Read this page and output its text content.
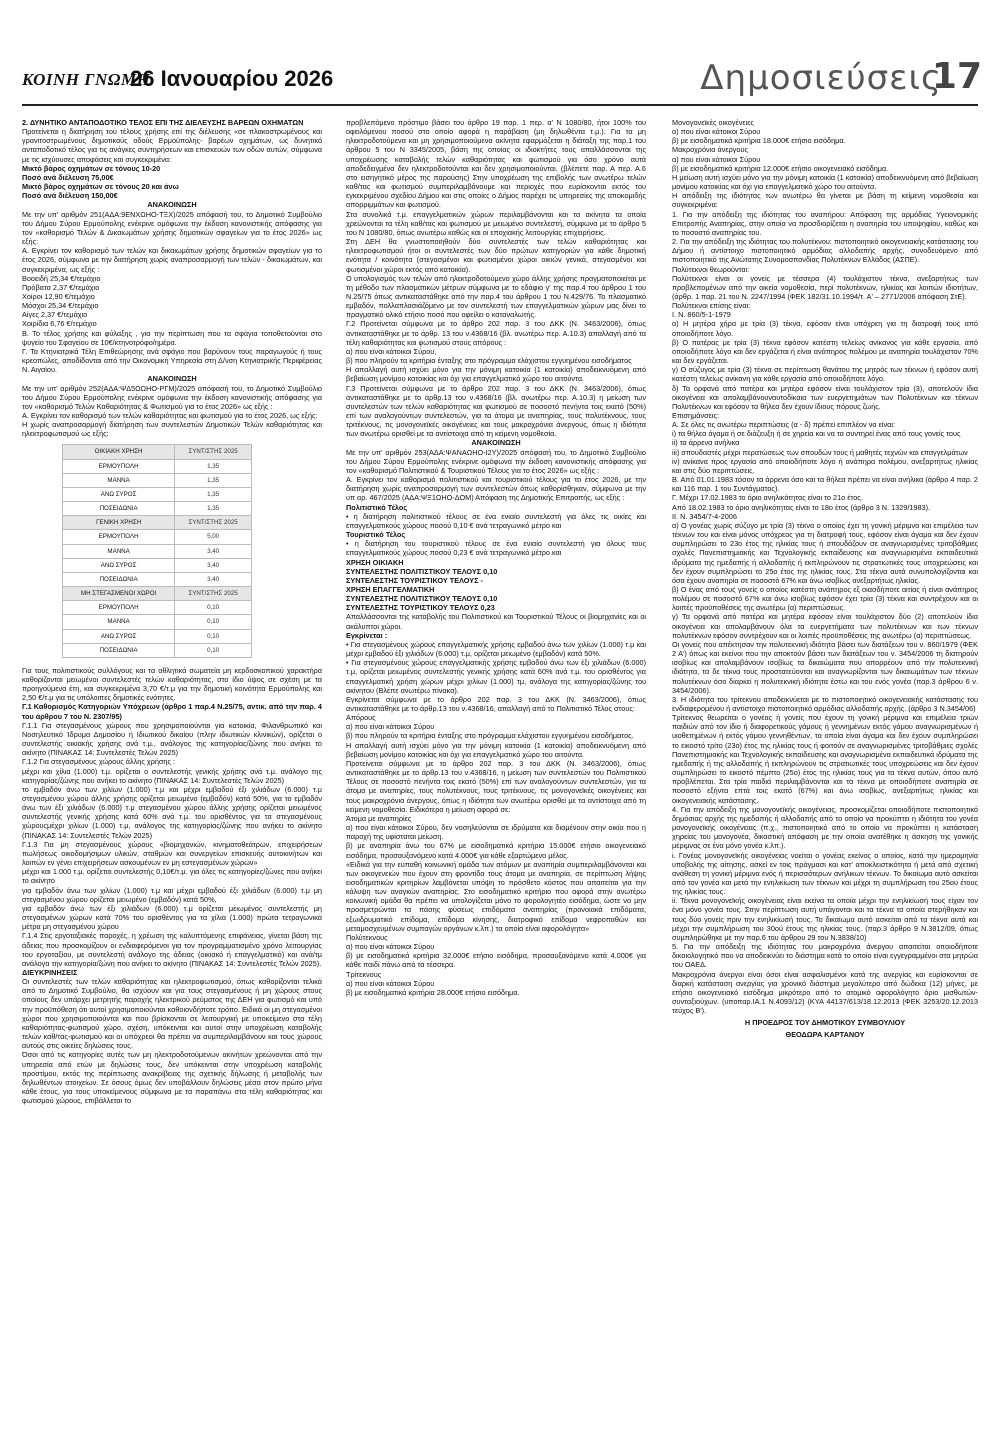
ΚΟΙΝΗ ΓΝΩΜΗ
26 Ιανουαρίου 2026	Δημοσιεύσεις
17

2. ΔΥΝΗΤΙΚΟ ΑΝΤΑΠΟΔΟΤΙΚΟ ΤΕΛΟΣ ΕΠΙ ΤΗΣ ΔΙΕΛΕΥΣΗΣ ΒΑΡΕΩΝ ΟΧΗΜΑΤΩΝ

Προτείνεται η διατήρηση του τέλους χρήσης επί της διέλευσης «σε πλακοστρωμένους και γρανιτοστρωμένους δημοτικούς οδούς Ερμούπολης- βαρέων οχημάτων, ως δυνητικό ανταποδοτικό τέλος για τις ανάγκες συντηρήσεων και επισκευών των οδών αυτών, σύμφωνα με τις ισχύουσες αποφάσεις και συγκεκριμένα:

Μικτό βάρος οχημάτων σε τόνους 10-20

Ποσό ανά διέλευση 75,00€

Μικτό βάρος οχημάτων σε τόνους 20 και άνω

Ποσό ανά διέλευση 150,00€

ΑΝΑΚΟΙΝΩΣΗ

Με την υπ' αριθμόν 251(ΑΔΑ:9ΕΝΧΩΗΟ-ΤΞΧ)/2025 απόφασή του, το Δημοτικό Συμβούλιο του Δήμου Σύρου Ερμούπολης ενέκρινε ομόφωνα την έκδοση κανονιστικής απόφασης για τον «καθορισμό Τελών & Δικαιωμάτων χρήσης δημοτικών σφαγείων για το έτος 2026» ως εξής:

Α. Εγκρίνει τον καθορισμό των τελών και δικαιωμάτων χρήσης δημοτικών σφαγείων για το έτος 2026, σύμφωνα με την διατήρηση χωρίς αναπροσαρμογή των τελών - δικαιωμάτων, και συγκεκριμένα, ως εξής :

Βοοειδή 25,34 €/τεμάχιο

Πρόβατα 2,37 €/τεμάχιο

Χοίροι 12,90 €/τεμάχιο

Μόσχοι 25,34 €/τεμάχιο

Αίγες 2,37 €/τεμάχιο

Χοιρίδια 6,76 €/τεμάχιο

Β. Το τέλος χρήσης και φύλαξης , για την περίπτωση που τα σφάγια τοποθετούνται στο ψυγείο του Σφαγείου σε 10€/κτηνοτρόφο/ημέρα.

Γ. Τα Κτηνιατρικά Τέλη Επιθεώρησης ανά σφάγιο που βαρύνουν τους παραγωγούς ή τους κρεοπώλες, αποδίδονται από την Οικονομική Υπηρεσία στη Δ/νση Κτηνιατρικής Περιφέρειας Ν. Αιγαίου.

ΑΝΑΚΟΙΝΩΣΗ

Με την υπ' αριθμόν 252(ΑΔΑ:ΨΔ5ΩΩΗΟ-ΡΓΜ)/2025 απόφασή του, το Δημοτικό Συμβούλιο του Δήμου Σύρου Ερμούπολης ενέκρινε ομόφωνα την έκδοση κανονιστικής απόφασης για τον «καθορισμό Τελών Καθαριότητας & Φωτισμού για το έτος 2026» ως εξής :

Α. Εγκρίνει τον καθορισμό των τελών καθαριότητας και φωτισμού για το έτος 2026, ως εξής:

Η χωρίς αναπροσαρμογή διατήρηση των συντελεστών Δημοτικών Τελών καθαριότητας και ηλεκτροφωτισμού ως εξής:

ΟΙΚΙΑΚΗ ΧΡΗΣΗ	ΣΥΝΤ/ΣΤΗΣ 2025
ΕΡΜΟΥΠΟΛΗ	1,35
ΜΑΝΝΑ	1,35
ΑΝΩ ΣΥΡΟΣ	1,35
ΠΟΣΕΙΔΩΝΙΑ	1,35
ΓΕΝΙΚΗ ΧΡΗΣΗ	ΣΥΝΤ/ΣΤΗΣ 2025
ΕΡΜΟΥΠΟΛΗ	5,00
ΜΑΝΝΑ	3,40
ΑΝΩ ΣΥΡΟΣ	3,40
ΠΟΣΕΙΔΩΝΙΑ	3,40
ΜΗ ΣΤΕΓΑΣΜΕΝΟΙ ΧΩΡΟΙ	ΣΥΝΤ/ΣΤΗΣ 2025
ΕΡΜΟΥΠΟΛΗ	0,10
ΜΑΝΝΑ	0,10
ΑΝΩ ΣΥΡΟΣ	0,10
ΠΟΣΕΙΔΩΝΙΑ	0,10

Για τους πολιτιστικούς συλλόγους και τα αθλητικά σωματεία μη κερδοσκοπικού χαρακτήρα καθορίζονται μειωμένοι συντελεστές τελών καθαριότητας, στο ίδιο ύψος σε σχέση με τα προηγούμενα έτη, και συγκεκριμένα 3,70 €/τ.μ για την δημοτική κοινότητα Ερμούπολης και 2,50 €/τ.μ για τις υπόλοιπες δημοτικές ενότητες.

Γ.1 Καθορισμός Κατηγοριών Υπόχρεων (άρθρο 1 παρ.4 Ν.25/75, αντικ. από την παρ. 4 του άρθρου 7 του Ν. 2307/95)

Γ.1.1 Για στεγασμένους χώρους που χρησιμοποιούνται για κατοικία, Φιλανθρωπικό και Νοσηλευτικό Ίδρυμα Δημοσίου ή Ιδιωτικού δικαίου (πλην ιδιωτικών κλινικών), ορίζεται ο συντελεστής οικιακής χρήσης ανά τ.μ., ανάλογος της κατηγορίας/ζώνης που ανήκει το ακίνητο (ΠΙΝΑΚΑΣ 14: Συντελεστές Τελών 2025)

Γ.1.2 Για στεγασμένους χώρους άλλης χρήσης :

μέχρι και χίλια (1.000) τ.μ. ορίζεται ο συντελεστής γενικής χρήσης ανά τ.μ. ανάλογο της κατηγορίας/ζώνης που ανήκει το ακίνητο (ΠΙΝΑΚΑΣ 14: Συντελεστές Τελών 2025)

το εμβαδόν άνω των χιλίων (1.000) τ.μ και μέχρι εμβαδού έξι χιλιάδων (6.000) τ.μ στεγασμένου χώρου άλλης χρήσης ορίζεται μειωμένο (εμβαδόν) κατά 50%, για το εμβαδόν άνω των έξι χιλιάδων (6.000) τ.μ στεγασμένου χώρου άλλης χρήσης ορίζεται μειωμένος συντελεστής γενικής χρήσης κατά 60% ανά τ.μ. του ορισθέντος για τα στεγασμένους χώρουςμέχρι χιλίων (1.000) τ.μ, ανάλογος της κατηγορίας/ζώνης που ανήκει το ακίνητο (ΠΙΝΑΚΑΣ 14: Συντελεστές Τελών 2025)

Γ.1.3 Για μη στεγασμένους χώρους «βιομηχανιών, κινηματοθεάτρων, επιχειρήσεων πωλήσεως οικοδομήσιμων υλικών, σταθμών και συνεργείων επισκευής αυτοκινήτων και λοιπών εν γένει επιχειρήσεων ασκουμένων εν μη εστεγασμένων χώρων»

μέχρι και 1.000 τ.μ. ορίζεται συντελεστής 0,10€/τ.μ. για όλες τις κατηγορίες/ζώνες που ανήκει το ακίνητο

για εμβαδόν άνω των χιλίων (1.000) τ.μ και μέχρι εμβαδού έξι χιλιάδων (6.000) τ.μ μη στεγασμένου χώρου ορίζεται μειωμένο (εμβαδόν) κατά 50%,

για εμβαδόν άνω των έξι χιλιάδων (6.000) τ.μ ορίζεται μειωμένος συντελεστής μη στεγασμένων χώρων κατά 70% του ορισθέντος για τα χίλια (1.000) πρώτα τετραγωνικά μέτρα μη στεγασμένου χώρου

Γ.1.4 Στις εργοταξιακές παροχές, η χρέωση της καλυπτόμενης επιφάνειας, γίνεται βάση της άδειας που προσκομίζουν οι ενδιαφερόμενοι για τον προγραμματισμένο χρόνο λειτουργίας του εργοταξίου, με συντελεστή ανάλογο της άδειας (οικιακό ή επαγγελματικό) και ανά/τμ ανάλογα την κατηγορία/ζώνη που ανήκει το ακίνητο (ΠΙΝΑΚΑΣ 14: Συντελεστές Τελών 2025).

ΔΙΕΥΚΡΙΝΗΣΕΙΣ

Οι συντελεστές των τελών καθαριότητας και ηλεκτροφωτισμού, όπως καθορίζονται τελικά από το Δημοτικό Συμβούλιο, θα ισχύουν και για τους στεγασμένους ή μη χώρους στους οποίους δεν υπάρχει μετρητής παροχής ηλεκτρικού ρεύματος της ΔΕΗ για φωτισμό και υπό την προϋπόθεση ότι αυτοί χρησιμοποιούνται καθοιονδήποτε τρόπο. Ειδικά οι μη στεγασμένοι χώροι που χρησιμοποιούνται και που βρίσκονται σε λειτουργική με υποκείμενο στα τέλη καθαριότητας-φωτισμού χώρο, σχέση, υπόκεινται και αυτοί στην υποχρέωση καταβολής τελών καθ/τας-φωτισμού και οι υπόχρεοι θα πρέπει να συμπεριλαμβάνουν και τους χώρους αυτούς στις οικείες δηλώσεις τους.

Όσοι από τις κατηγορίες αυτές των μη ηλεκτροδοτούμενων ακινήτων χρεώνονται από την υπηρεσία από ετών με δηλώσεις τους, δεν υπόκεινται στην υποχρέωση καταβολής προστίμου, εκτός της περίπτωσης ανακρίβειας της σχετικής δήλωσης ή μεταβολής των δηλωθέντων στοιχείων. Σε όσους όμως δεν υποβάλλουν δηλώσεις μέσα στον πρώτο μήνα κάθε έτους, για τους υποκείμενους σύμφωνα με τα παραπάνω στα τέλη καθαριότητας και φωτισμού χώρους, επιβάλλεται το

προβλεπόμενο πρόστιμο βάσει του άρθρο 19 παρ. 1 περ. α' Ν 1080/80, ήτοι 100% του οφειλόμενου ποσού στο οποίο αφορά η παράβαση (μη δηλωθέντα τ.μ.). Για τα μη ηλεκτροδοτούμενα και μη χρησιμοποιούμενα ακίνητα εφαρμόζεται η διάταξη της παρ.1 του άρθρου 5 του Ν 3345/2005, βάση της οποίας οι ιδιοκτήτες τους απαλλάσσονται της υποχρέωσης καταβολής τελών καθαριότητας και φωτισμού για όσο χρόνο αυτά αποδεδειγμένα δεν ηλεκτροδοτούνται και δεν χρησιμοποιούνται. (βλέπετε παρ. Α περ. Α.6 στο εισηγητικό μέρος της παρούσης) Στην υποχρέωση της επιβολής των ανωτέρω τελών καθ/τας και φωτισμού συμπεριλαμβάνουμε και περιοχές που ευρίσκονται εκτός του εγκεκριμένου σχεδίου Δήμου και στις οποίες ο Δήμος παρέχει τις υπηρεσίες της αποκομιδής απορριμμάτων και φωτισμού.

Στα συνολικά τ.μ. επαγγελματικών χώρων περιλαμβάνονται και τα ακίνητα τα οποία χρεώνονται τα τέλη καθ/τας και φωτισμού με μειωμένο συντελεστή, σύμφωνα με το άρθρο 5 του Ν 1080/80, όπως ανωτέρω καθώς και οι εποχιακής λειτουργίας επιχειρήσεις.

Στη ΔΕΗ θα γνωστοποιηθούν δύο συντελεστές των τελών καθαριότητας και ηλεκτροφωτισμού ήτοι οι συντελεστές των δύο πρώτων κατηγοριών για κάθε δημοτική ενότητα / κοινότητα (στεγασμένοι και φωτισμένοι χώροι οικιών γενικά, στεγασμένοι και φωτισμένοι χώροι εκτός από κατοικία).

Ο υπολογισμός των τελών από ηλεκτροδοτούμενο χώρο άλλης χρήσης πραγματοποιείται με τη μέθοδο των πλασματικών μέτρων σύμφωνα με το εδάφιο γ' της παρ.4 του άρθρου 1 του Ν.25/75 όπως αντικαταστάθηκε από την παρ.4 του άρθρου 1 του Ν.429/76. Το πλασματικό εμβαδόν, πολλαπλασιάζόμενο με τον συντελεστή των επαγγελματικών χώρων μας δίνει το πραγματικό ολικό ετήσιο ποσό που οφείλει ο καταναλωτής.

Γ.2 Προτείνεται σύμφωνα με το άρθρο 202 παρ. 3 του ΔΚΚ (Ν. 3463/2006), όπως αντικαταστάθηκε με το άρθρ. 13 του ν.4368/16 (βλ. ανωτέρω περ. Α.10.3) απαλλαγή από τα τέλη καθαριότητας και φωτισμού στους απόρους :

α) που είναι κάτοικοι Σύρου,

β) που πληρούν τα κριτήρια ένταξης στο πρόγραμμα ελάχιστου εγγυημένου εισοδήματος

Η απαλλαγή αυτή ισχύει μόνο για την μόνιμη κατοικία (1 κατοικία) αποδεικνυόμενη από βεβαίωση μονίμου κατοικίας και όχι για επαγγελματικό χώρο του αιτούντα.

Γ.3 Προτείνεται σύμφωνα με το άρθρο 202 παρ. 3 του ΔΚΚ (Ν. 3463/2006), όπως αντικαταστάθηκε με το άρθρ.13 του ν.4368/16 (βλ. ανωτέρω περ. Α.10.3) η μείωση των συντελεστών των τελών καθαριότητας και φωτισμού σε ποσοστό πενήντα τοις εκατό (50%) επί των αναλογούντων συντελεστών, για τα άτομα με αναπηρίας, τους πολυτέκνους, τους τριτέκνους, τις μονογονεϊκές οικογένειες και τους μακροχρόνια άνεργους, όπως η ιδιότητα των ανωτέρω ορισθεί με τα αντίστοιχα από τη κείμενη νομοθεσία.

ΑΝΑΚΟΙΝΩΣΗ

Με την υπ' αριθμόν 253(ΑΔΑ:ΨΑΝΑΩΗΟ-Ι2Υ)/2025 απόφασή του, το Δημοτικό Συμβούλιο του Δήμου Σύρου Ερμούπολης ενέκρινε ομόφωνα την έκδοση κανονιστικής απόφασης για τον «καθορισμό Πολιτιστικού & Τουριστικού Τέλους για το έτος 2026» ως εξής :

Α. Εγκρίνει τον καθορισμό πολιτιστικού και τουριστικού τέλους για το έτος 2026, με την διατήρηση χωρίς αναπροσαρμογή των συντελεστών όπως καθορίσθηκαν, σύμφωνα με την υπ αρ. 467/2025 (ΑΔΑ:ΨΞ1ΩΗΟ-ΔΟΜ) Απόφαση της Δημοτικής Επιτροπής, ως εξής :

Πολιτιστικό Τέλος

• η διατήρηση πολιτιστικού τέλους σε ένα ενιαίο συντελεστή για όλες τις οικίες και επαγγελματικούς χώρους ποσού 0,10 € ανά τετραγωνικό μέτρο και

Τουριστικό Τέλος

• η διατήρηση του τουριστικού τέλους σε ένα ενιαίο συντελεστή για όλους τους επαγγελματικούς χώρους ποσού 0,23 € ανά τετραγωνικό μέτρο και

ΧΡΗΣΗ ΟΙΚΙΑΚΗ

ΣΥΝΤΕΛΕΣΤΗΣ ΠΟΛΙΤΙΣΤΙΚΟΥ ΤΕΛΟΥΣ 0,10

ΣΥΝΤΕΛΕΣΤΗΣ ΤΟΥΡΙΣΤΙΚΟΥ ΤΕΛΟΥΣ -

ΧΡΗΣΗ ΕΠΑΓΓΕΛΜΑΤΙΚΗ

ΣΥΝΤΕΛΕΣΤΗΣ ΠΟΛΙΤΙΣΤΙΚΟΥ ΤΕΛΟΥΣ 0,10

ΣΥΝΤΕΛΕΣΤΗΣ ΤΟΥΡΙΣΤΙΚΟΥ ΤΕΛΟΥΣ 0,23

Απαλλάσσονται της καταβολής του Πολιτιστικού και Τουριστικού Τέλους οι βιομηχανίες και οι ακάλυπτοι χώροι.

Εγκρίνεται :

• Για στεγασμένους χώρους επαγγελματικής χρήσης εμβαδού άνω των χιλίων (1.000) τ.μ και μέχρι εμβαδού έξι χιλιάδων (6.000) τ.μ, ορίζεται μειωμένο (εμβαδόν) κατά 50%.

• Για στεγασμένους χώρους επαγγελματικής χρήσης εμβαδού άνω των έξι χιλιάδων (6.000) τ.μ, ορίζεται μειωμένος συντελεστής γενικής χρήσης κατά 60% ανά τ.μ. του ορισθέντος για επαγγελματική χρήση χώρων μέχρι χιλίων (1.000) τμ, ανάλογα της κατηγορίας/ζώνης του ακίνητου (Βλέπε ανωτέρω πίνακα).

Εγκρίνεται σύμφωνα με το άρθρο 202 παρ. 3 του ΔΚΚ (Ν. 3463/2006), όπως αντικαταστάθηκε με το άρθρ.13 του ν.4368/16, απαλλαγή από το Πολιτιστικό Τέλος στους:

Απόρους

α) που είναι κάτοικοι Σύρου

β) που πληρούν τα κριτήρια ένταξης στο πρόγραμμα ελάχιστου εγγυημένου εισοδήματος.

Η απαλλαγή αυτή ισχύει μόνο για την μόνιμη κατοικία (1 κατοικία) αποδεικνυόμενη από βεβαίωση μονίμου κατοικίας και όχι για επαγγελματικό χώρο του αιτούντα.

Προτείνεται σύμφωνα με το άρθρο 202 παρ. 3 του ΔΚΚ (Ν. 3463/2006), όπως αντικαταστάθηκε με το άρθρ.13 του ν.4368/16, η μείωση των συντελεστών του Πολιτιστικού Τέλους σε ποσοστό πενήντα τοις εκατό (50%) επί των αναλογούντων συντελεστών, για τα άτομα με αναπηρίες, τους πολυτέκνους, τους τριτέκνους, τις μονογονεϊκές οικογένειες και τους μακροχρόνια άνεργους, όπως η ιδιότητα των ανωτέρω ορισθεί με τα αντίστοιχα από τη κείμενη νομοθεσία. Ειδικότερα η μείωση αφορά σε:

Άτομα με αναπηρίες

α) που είναι κάτοικοι Σύρου, δεν νοσηλεύονται σε ιδρύματα και διαμένουν στην οικία που η παροχή της υφίσταται μείωση.

β) με αναπηρία άνω του 67% με εισοδηματικά κριτήρια 15.000€ ετήσιο οικογενειακό εισόδημα, προσαυξανόμενο κατά 4.000€ για κάθε εξαρτώμενο μέλος.

«Ειδικά για την ευπαθή κοινωνική ομάδα των ατόμων με αναπηρία συμπεριλαμβάνονται και των οικογενειών που έχουν στη φροντίδα τους άτομα με αναπηρία, σε περίπτωση λήψης εισοδηματικών κριτηρίων λαμβάνεται υπόψη το πρόσθετο κόστος που απαιτείται για την κάλυψη των αναγκών αναπηρίας. Στο εισοδηματικό κριτήριο που αφορά στην ανωτέρω κοινωνική ομάδα θα πρέπει να υπολογίζεται μόνο το φορολογητέο εισόδημα, ώστε να μην προσμετρώνται τα πάσης φύσεως επιδόματα αναπηρίας (προνοιακά επιδόματα, εξωιδρυματικό επίδομα, επίδομα κίνησης, διατροφικό επίδομα νεφροπαθών και μεταμοσχευμένων συμπαγών οργάνων κ.λπ.) τα οποία είναι αφορολόγητα»

Πολύτεκνους

α) που είναι κάτοικοι Σύρου

β) με εισοδηματικά κριτήρια 32.000€ ετήσιο εισόδημα, προσαυξανόμενο κατά 4.000€ για κάθε παιδί πάνω από τα τέσσερα.

Τρίτεκνους

α) που είναι κάτοικοι Σύρου

β) με εισοδηματικά κριτήρια 28.000€ ετήσιο εισόδημα.

Μονογονεϊκές οικογένειες

α) που είναι κάτοικοι Σύρου

β) με εισοδηματικά κριτήρια 18.000€ ετήσιο εισόδημα.

Μακροχρόνια άνεργους

α) που είναι κάτοικοι Σύρου

β) με εισοδηματικά κριτήρια 12.000€ ετήσιο οικογενειακό εισόδημα.

Η μείωση αυτή ισχύει μόνο για την μόνιμη κατοικία (1 κατοικία) αποδεικνυόμενη από βεβαίωση μονίμου κατοικίας και όχι για επαγγελματικό χώρο του αιτούντα.

Η απόδειξη της ιδιότητας των ανωτέρω θα γίνεται με βάση τη κείμενη νομοθεσία και συγκεκριμένα:

1. Για την απόδειξη της ιδιότητας του αναπήρου: Απόφαση της αρμόδιας Υγειονομικής Επιτροπής Αναπηρίας, στην οποία να προσδιορίζεται η αναπηρία του υποψηφίου, καθώς και το ποσοστό αναπηρίας του.

2. Για την απόδειξη της ιδιότητας του πολυτέκνου: πιστοποιητικό οικογενειακής κατάστασης του Δήμου ή αντίστοιχο πιστοποιητικό αρμόδιας αλλοδαπής αρχής, συνοδευόμενο από πιστοποιητικό της Ανώτατης Συνομοσπονδίας Πολυτέκνων Ελλάδος (ΑΣΠΕ).

Πολύτεκνοι θεωρούνται:

Πολύτεκνοι είναι οι γονείς με τέσσερα (4) τουλάχιστον τέκνα, ανεξαρτήτως των προβλεπομένων από την οικεία νομοθεσία, περί πολυτέκνων, ηλικίας και λοιπών ιδιοτήτων, (άρθρ. 1 παρ. 21 του Ν. 2247/1994 (ΦΕΚ 182/31.10.1994/τ. Α' – 2771/2006 απόφαση ΣτΕ).

Πολύτεκνοι επίσης είναι:

Ι. Ν. 860/5-1-1979

α) Η μητέρα χήρα με τρία (3) τέκνα, εφόσον είναι υπόχρεη για τη διατροφή τους από οποιοδήποτε λόγο.

β) Ο πατέρας με τρία (3) τέκνα εφόσον κατέστη τελείως ανίκανος για κάθε εργασία, από οποιοδήποτε λόγο και δεν εργάζεται ή είναι ανάπηρος πολέμου με αναπηρία τουλάχιστον 70% και δεν εργάζεται.

γ) Ο σύζυγος με τρία (3) τέκνα σε περίπτωση θανάτου της μητρός των τέκνων ή εφόσον αυτή κατέστη τελείως ανίκανη για κάθε εργασία από οποιοδήποτε λόγο.

δ) Τα ορφανά από πατέρα και μητέρα εφόσον είναι τουλάχιστον τρία (3), αποτελούν ίδια οικογένεια και απολαμβάνουναυτοδίκαια των ευεργετημάτων των Πολυτέκνων και τέκνων Πολυτέκνων και εφόσον τα θήλεα δεν έχουν ίδιους πόρους ζωής.

Επισημάνσεις:

Α. Σε όλες τις ανωτέρω περιπτώσεις (α - δ) πρέπει επιπλέον να είναι:

i) τα θήλεα άγαμα ή σε διάζευξη ή σε χηρεία και να τα συντηρεί ένας από τους γονείς τους

ii) τα άρρενα ανήλικα

iii) σπουδαστές μέχρι περατώσεως των σπουδών τους ή μαθητές τεχνών και επαγγελμάτων

iv) ανίκανα προς εργασία από οποιοδήποτε λόγο ή ανάπηρα πολέμου, ανεξαρτήτως ηλικίας και στις δύο περιπτώσεις.

Β. Από 01.01.1983 τόσον τα άρρενα όσο και τα θήλεα πρέπει να είναι ανήλικα (άρθρο 4 παρ. 2 και 116 παρ. 1 του Συντάγματος).

Γ. Μέχρι 17.02.1983 το όριο ανηλικότητας είναι το 21ο έτος.

Από 18.02.1983 το όριο ανηλικότητας είναι το 18ο έτος (άρθρο 3 Ν. 1329/1983).

ΙΙ. Ν. 3454/7-4-2006

α) Ο γονέας χωρίς σύζυγο με τρία (3) τέκνα ο οποίος έχει τη γονική μέριμνα και επιμέλεια των τέκνων του και είναι μόνος υπόχρεος για τη διατροφή τους, εφόσον είναι άγαμα και δεν έχουν συμπληρώσει το 23ο έτος της ηλικίας τους ή σπουδάζουν σε αναγνωρισμένες τριτοβάθμιες σχολές Πανεπιστημιακής και Τεχνολογικής εκπαίδευσης και αναγνωρισμένα εκπαιδευτικά ιδρύματα της ημεδαπής ή αλλοδαπής ή εκπληρώνουν τις στρατιωτικές τους υποχρεώσεις και δεν έχουν συμπληρώσει το 25ο έτος της ηλικίας τους. Στα τέκνα αυτά συνυπολογίζονται και όσα έχουν αναπηρία σε ποσοστό 67% και άνω ισοβίως ανεξαρτήτως ηλικίας.

β) Ο ένας από τους γονείς ο οποίος κατέστη ανάπηρος εξ οιασδήποτε αιτίας ή είναι ανάπηρος πολέμου σε ποσοστό 67% και άνω ισοβίως εφόσον έχει τρία (3) τέκνα και συντρέχουν και οι λοιπές προϋποθέσεις της ανωτέρω (α) περιπτώσεως.

γ) Τα ορφανά από πατέρα και μητέρα εφόσον είναι τουλάχιστον δύο (2) αποτελούν ίδια οικογένεια και απολαμβάνουν όλα τα ευεργετήματα των πολυτέκνων και των τέκνων πολυτέκνων εφόσον συντρέχουν και οι λοιπές προϋποθέσεις της ανωτέρω (α) περιπτώσεως.

Οι γονείς που απέκτησαν την πολυτεκνική ιδιότητα βάσει των διατάξεων του ν. 860/1979 (ΦΕΚ 2 Α') όπως και εκείνοι που την αποκτούν βάσει των διατάξεων του ν. 3454/2006 τη διατηρούν ισοβίως και απολαμβάνουν ισοβίως τα δικαιώματα που απορρέουν από την πολυτεκνική ιδιότητα, τα δε τέκνα τους προστατεύονται και αναγνωρίζονται των δικαιωμάτων των τέκνων πολυτέκνων όσο διαρκεί η πολυτεκνική ιδιότητα έστω και του ενός γονέα (παρ.3 άρθρου 6 ν. 3454/2006).

3. Η ιδιότητα του τρίτεκνου αποδεικνύεται με το πιστοποιητικό οικογενειακής κατάστασης του ενδιαφερομένου ή αντίστοιχο πιστοποιητικό αρμόδιας αλλοδαπής αρχής. (άρθρο 3 Ν.3454/06)

Τρίτεκνος θεωρείται ο γονέας ή γονείς που έχουν τη γονική μέριμνα και επιμέλεια τριών παιδιών από τον ίδιο ή διαφορετικούς γάμους ή γεννημένων εκτός γάμου αναγνωρισμένων ή υιοθετημένων ή εκτός γάμου γεννηθέντων, τα οποία είναι άγαμα και δεν έχουν συμπληρώσει το εικοστό τρίτο (23ο) έτος της ηλικίας τους ή φοιτούν σε αναγνωρισμένες τριτοβάθμιες σχολές Πανεπιστημιακής και Τεχνολογικής εκπαίδευσης και αναγνωρισμένα εκπαιδευτικά ιδρύματα της ημεδαπής ή της αλλοδαπής ή εκπληρώνουν τις στρατιωτικές τους υποχρεώσεις και δεν έχουν συμπληρώσει το εικοστό πέμπτο (25ο) έτος της ηλικίας τους για τα τέκνα αυτών, όπου αυτό προβλέπεται. Στα τρία παιδιά περιλαμβάνονται και τα τέκνα με οποιοδήποτε αναπηρία σε ποσοστό εξήντα επτά τοις εκατό (67%) και άνω ισοβίως, ανεξαρτήτως ηλικίας και οικογενειακής κατάστασης.

4. Για την απόδειξη της μονογονεϊκής οικογένειας, προσκομίζεται οποιοδήποτε πιστοποιητικό δημόσιας αρχής της ημεδαπής ή αλλοδαπής από το οποίο να προκύπτει η ιδιότητα του γονέα μονογονεϊκής οικογένειας (π.χ., πιστοποιητικό από το οποίο να προκύπτει η κατάσταση χηρείας του μονογονέα, δικαστική απόφαση με την οποία ανατέθηκε η άσκηση της γονικής μέριμνας σε ένα μόνο γονέα κ.λπ.).

i. Γονέας μονογονεϊκής οικογένειας νοείται ο γονέας εκείνος ο οποίος, κατά την ημερομηνία υποβολής της αίτησης, ασκεί εν τοις πράγμασι και κατ' αποκλειστικότητα ή μετά από σχετική ανάθεση τη γονική μέριμνα ενός ή περισσότερων ανήλικων τέκνων. Το δικαίωμα αυτό ασκείται από τον γονέα και μετά την ενηλικίωση των τέκνων και μέχρι τη συμπλήρωση του 25ου έτους της ηλικίας τους.

ii. Τέκνα μονογονεϊκής οικογένειας είναι εκείνα τα οποία μέχρι την ενηλικίωσή τους είχαν τον ένα μόνο γονέα τους. Στην περίπτωση αυτή υπάγονται και τα τέκνα τα οποία στερήθηκαν και τους δύο γονείς πριν την ενηλικίωσή τους. Το δικαίωμα αυτό ασκείται από τα τέκνα αυτά και μέχρι την συμπλήρωση του 30ού έτους της ηλικίας τους. (παρ.3 άρθρο 9 Ν.3812/09, όπως συμπληρώθηκε με την παρ.6 του άρθρου 29 του Ν.3838/10)

5. Για την απόδειξη της ιδιότητας του μακροχρόνια άνεργου απαιτείται οποιοδήποτε δικαιολογητικό που να αποδεικνύει το διάστημα κατά το οποίο είναι εγγεγραμμένοι στα μητρώα του ΟΑΕΔ.

Μακροχρόνια άνεργοι είναι όσοι είναι ασφαλισμένοι κατά της ανεργίας και ευρίσκονται σε διαρκή κατάσταση ανεργίας για χρονικό διάστημα μεγαλύτερο από δώδεκα (12) μήνες, με ετήσιο οικογενειακό εισόδημα μικρότερο από το ατομικό αφορολόγητο όριο μισθωτών-συνταξιούχων. (υποπαρ.ΙΑ.1 Ν.4093/12) (ΚΥΑ 44137/613/18.12.2013 (ΦΕΚ 3253/20.12.2013 τεύχος Β').

Η ΠΡΟΕΔΡΟΣ ΤΟΥ ΔΗΜΟΤΙΚΟΥ ΣΥΜΒΟΥΛΙΟΥ

ΘΕΟΔΩΡΑ ΚΑΡΤΑΝΟΥ
